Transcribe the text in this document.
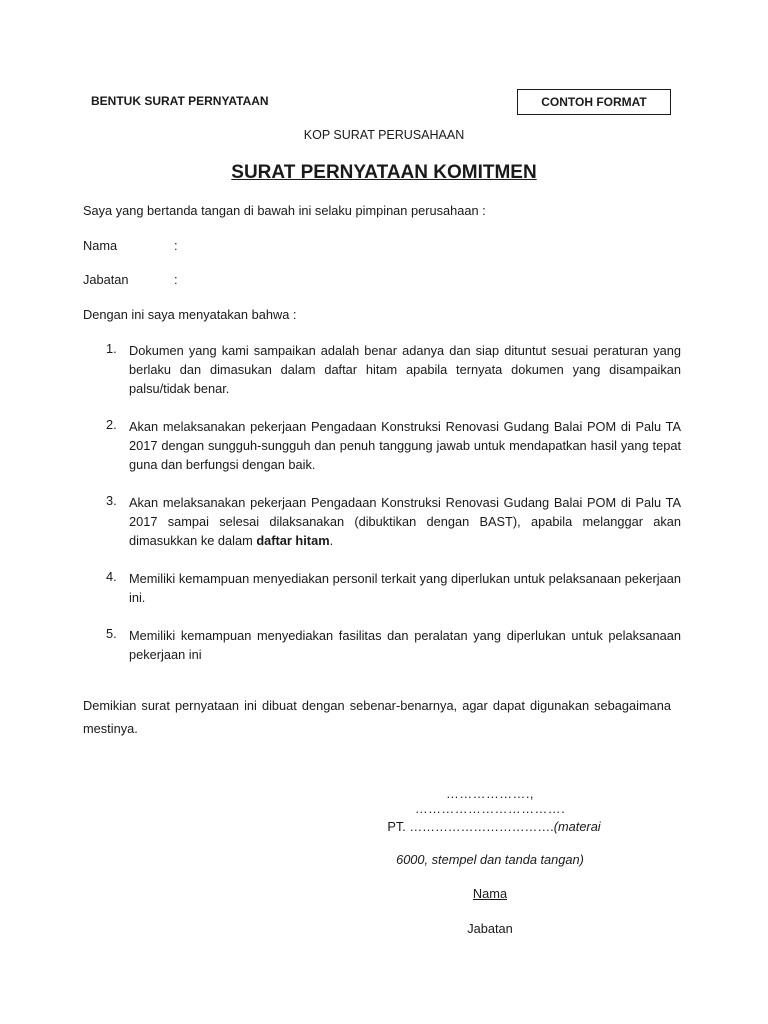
BENTUK SURAT PERNYATAAN	CONTOH FORMAT
KOP SURAT PERUSAHAAN
SURAT PERNYATAAN KOMITMEN
Saya yang bertanda tangan di bawah ini selaku pimpinan perusahaan :
Nama	:
Jabatan	:
Dengan ini saya menyatakan bahwa :
1. Dokumen yang kami sampaikan adalah benar adanya dan siap dituntut sesuai peraturan yang berlaku dan dimasukan dalam daftar hitam apabila ternyata dokumen yang disampaikan palsu/tidak benar.
2. Akan melaksanakan pekerjaan Pengadaan Konstruksi Renovasi Gudang Balai POM di Palu TA 2017 dengan sungguh-sungguh dan penuh tanggung jawab untuk mendapatkan hasil yang tepat guna dan berfungsi dengan baik.
3. Akan melaksanakan pekerjaan Pengadaan Konstruksi Renovasi Gudang Balai POM di Palu TA 2017 sampai selesai dilaksanakan (dibuktikan dengan BAST), apabila melanggar akan dimasukkan ke dalam daftar hitam.
4. Memiliki kemampuan menyediakan personil terkait yang diperlukan untuk pelaksanaan pekerjaan ini.
5. Memiliki kemampuan menyediakan fasilitas dan peralatan yang diperlukan untuk pelaksanaan pekerjaan ini
Demikian surat pernyataan ini dibuat dengan sebenar-benarnya, agar dapat digunakan sebagaimana mestinya.
………………., …………………………….
PT. …………………………….(materai
6000, stempel dan tanda tangan)
Nama
Jabatan
